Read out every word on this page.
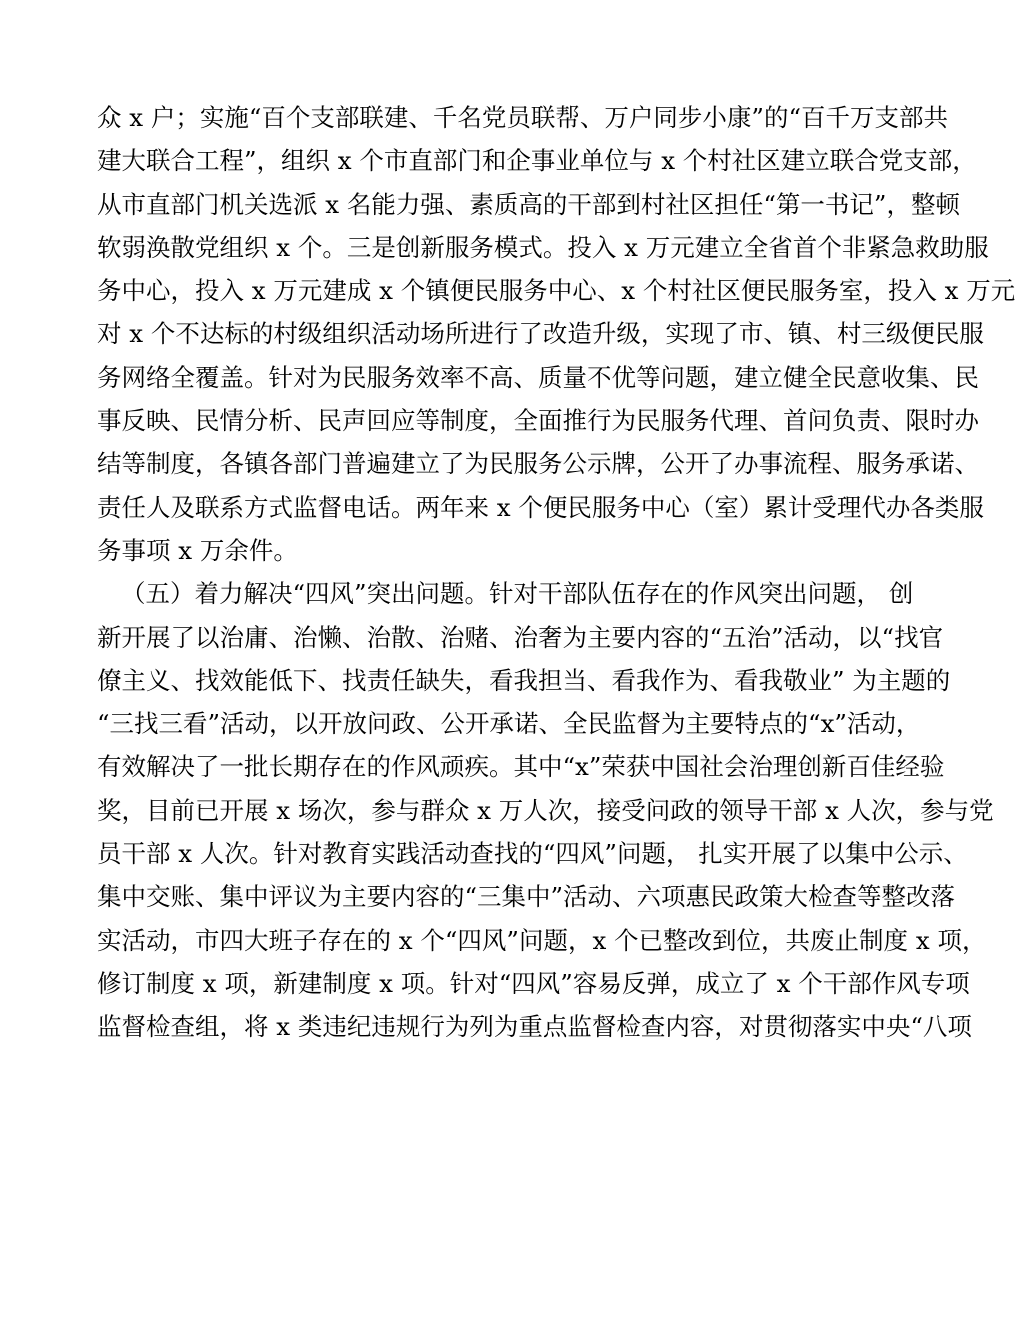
众 x 户；实施“百个支部联建、千名党员联帮、万户同步小康”的“百千万支部共
建大联合工程”，组织 x 个市直部门和企事业单位与 x 个村社区建立联合党支部，
从市直部门机关选派 x 名能力强、素质高的干部到村社区担任“第一书记”，整顿
软弱涣散党组织 x 个。三是创新服务模式。投入 x 万元建立全省首个非紧急救助服
务中心，投入 x 万元建成 x 个镇便民服务中心、x 个村社区便民服务室，投入 x 万元
对 x 个不达标的村级组织活动场所进行了改造升级，实现了市、镇、村三级便民服
务网络全覆盖。针对为民服务效率不高、质量不优等问题，建立健全民意收集、民
事反映、民情分析、民声回应等制度，全面推行为民服务代理、首问负责、限时办
结等制度，各镇各部门普遍建立了为民服务公示牌，公开了办事流程、服务承诺、
责任人及联系方式监督电话。两年来 x 个便民服务中心（室）累计受理代办各类服
务事项 x 万余件。
（五）着力解决“四风”突出问题。针对干部队伍存在的作风突出问题， 创
新开展了以治庸、治懒、治散、治赌、治奢为主要内容的“五治”活动，以“找官
僚主义、找效能低下、找责任缺失，看我担当、看我作为、看我敬业” 为主题的
“三找三看”活动，以开放问政、公开承诺、全民监督为主要特点的“x”活动，
有效解决了一批长期存在的作风顽疾。其中“x”荣获中国社会治理创新百佳经验
奖，目前已开展 x 场次，参与群众 x 万人次，接受问政的领导干部 x 人次，参与党
员干部 x 人次。针对教育实践活动查找的“四风”问题， 扎实开展了以集中公示、
集中交账、集中评议为主要内容的“三集中”活动、六项惠民政策大检查等整改落
实活动，市四大班子存在的 x 个“四风”问题，x 个已整改到位，共废止制度 x 项，
修订制度 x 项，新建制度 x 项。针对“四风”容易反弹，成立了 x 个干部作风专项
监督检查组，将 x 类违纪违规行为列为重点监督检查内容，对贯彻落实中央“八项
